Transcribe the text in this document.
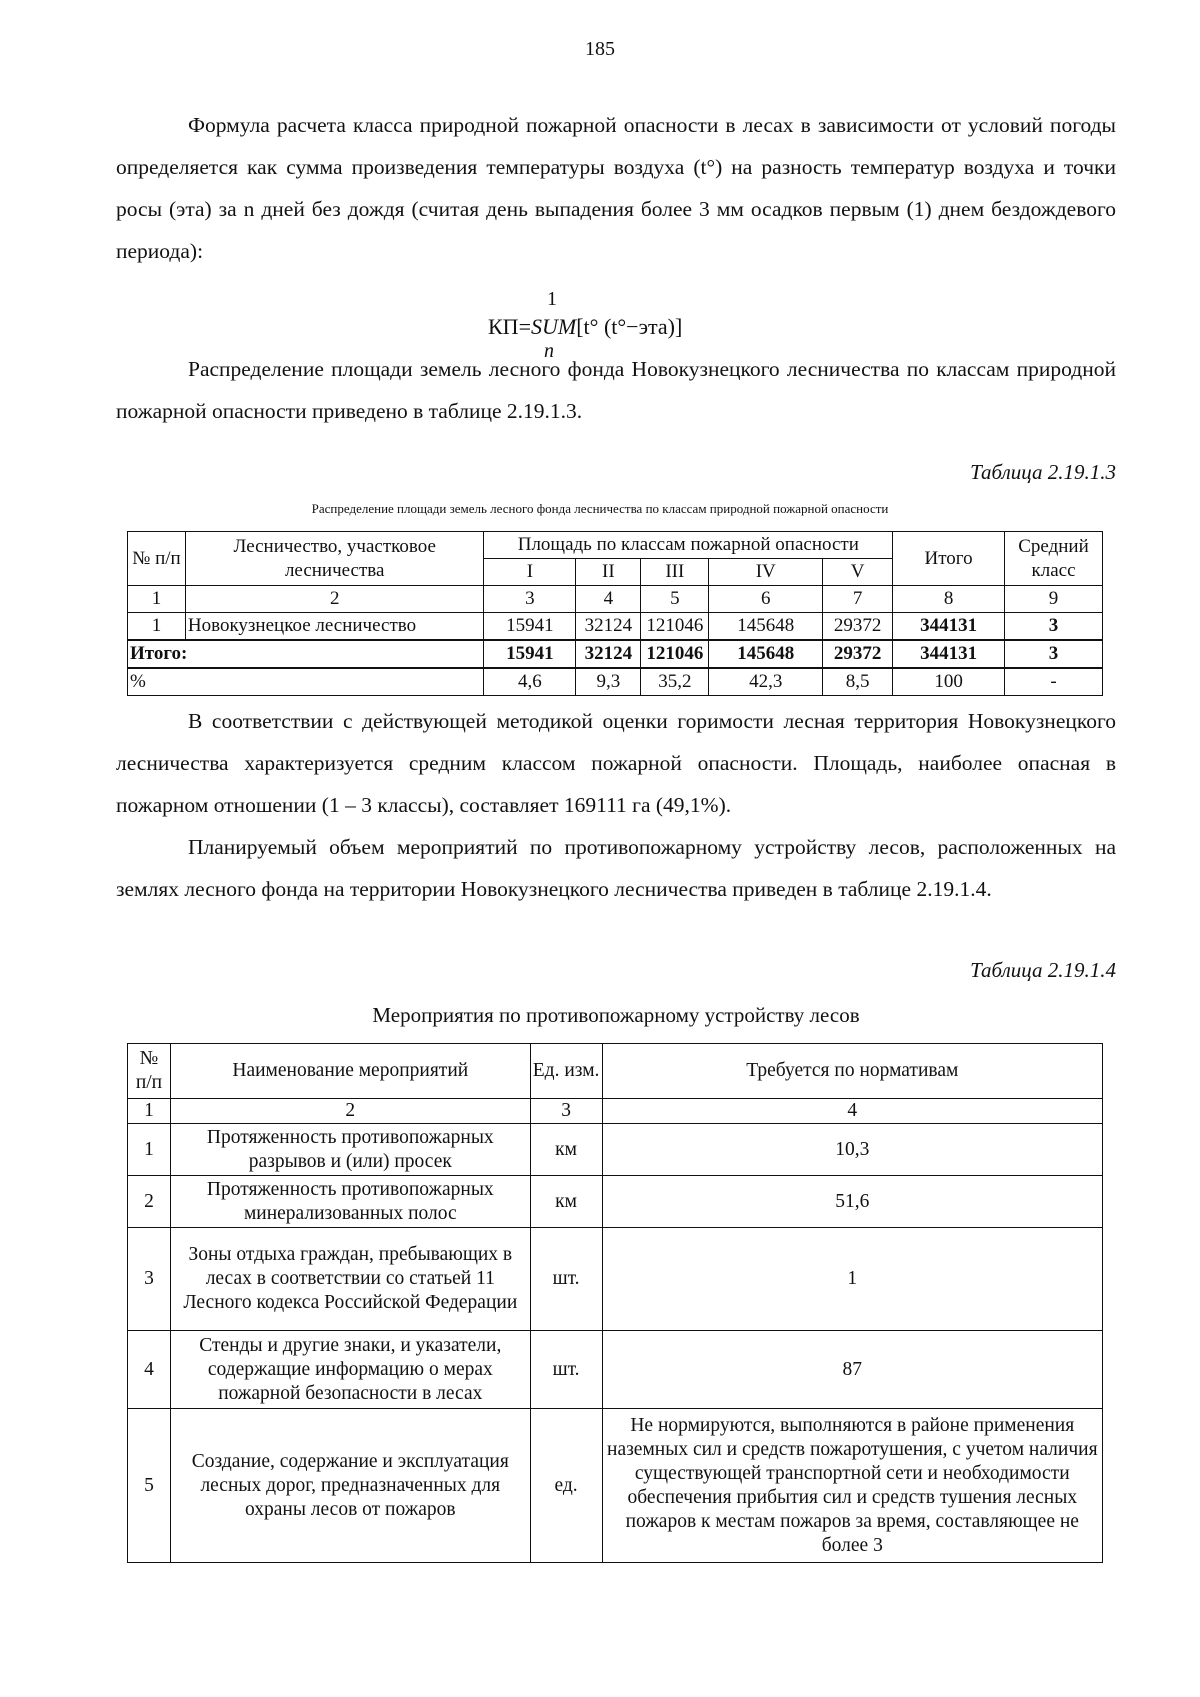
185

Формула расчета класса природной пожарной опасности в лесах в зависимости от условий погоды определяется как сумма произведения температуры воздуха (t°) на разность температур воздуха и точки росы (эта) за n дней без дождя (считая день выпадения более 3 мм осадков первым (1) днем бездождевого периода):

1
КП=SUM[t° (t°−эта)]
n

Распределение площади земель лесного фонда Новокузнецкого лесничества по классам природной пожарной опасности приведено в таблице 2.19.1.3.

Таблица 2.19.1.3
Распределение площади земель лесного фонда лесничества по классам природной пожарной опасности
№ п/п	Лесничество, участковое лесничества	Площадь по классам пожарной опасности					Итого	Средний класс
		I	II	III	IV	V		
1	2	3	4	5	6	7	8	9
1	Новокузнецкое лесничество	15941	32124	121046	145648	29372	344131	3
Итого:		15941	32124	121046	145648	29372	344131	3
%		4,6	9,3	35,2	42,3	8,5	100	-

В соответствии с действующей методикой оценки горимости лесная территория Новокузнецкого лесничества характеризуется средним классом пожарной опасности. Площадь, наиболее опасная в пожарном отношении (1 – 3 классы), составляет 169111 га (49,1%).

Планируемый объем мероприятий по противопожарному устройству лесов, расположенных на землях лесного фонда на территории Новокузнецкого лесничества приведен в таблице 2.19.1.4.

Таблица 2.19.1.4
Мероприятия по противопожарному устройству лесов
№ п/п	Наименование мероприятий	Ед. изм.	Требуется по нормативам
1	2	3	4
1	Протяженность противопожарных разрывов и (или) просек	км	10,3
2	Протяженность противопожарных минерализованных полос	км	51,6
3	Зоны отдыха граждан, пребывающих в лесах в соответствии со статьей 11 Лесного кодекса Российской Федерации	шт.	1
4	Стенды и другие знаки, и указатели, содержащие информацию о мерах пожарной безопасности в лесах	шт.	87
5	Создание, содержание и эксплуатация лесных дорог, предназначенных для охраны лесов от пожаров	ед.	Не нормируются, выполняются в районе применения наземных сил и средств пожаротушения, с учетом наличия существующей транспортной сети и необходимости обеспечения прибытия сил и средств тушения лесных пожаров к местам пожаров за время, составляющее не более 3
